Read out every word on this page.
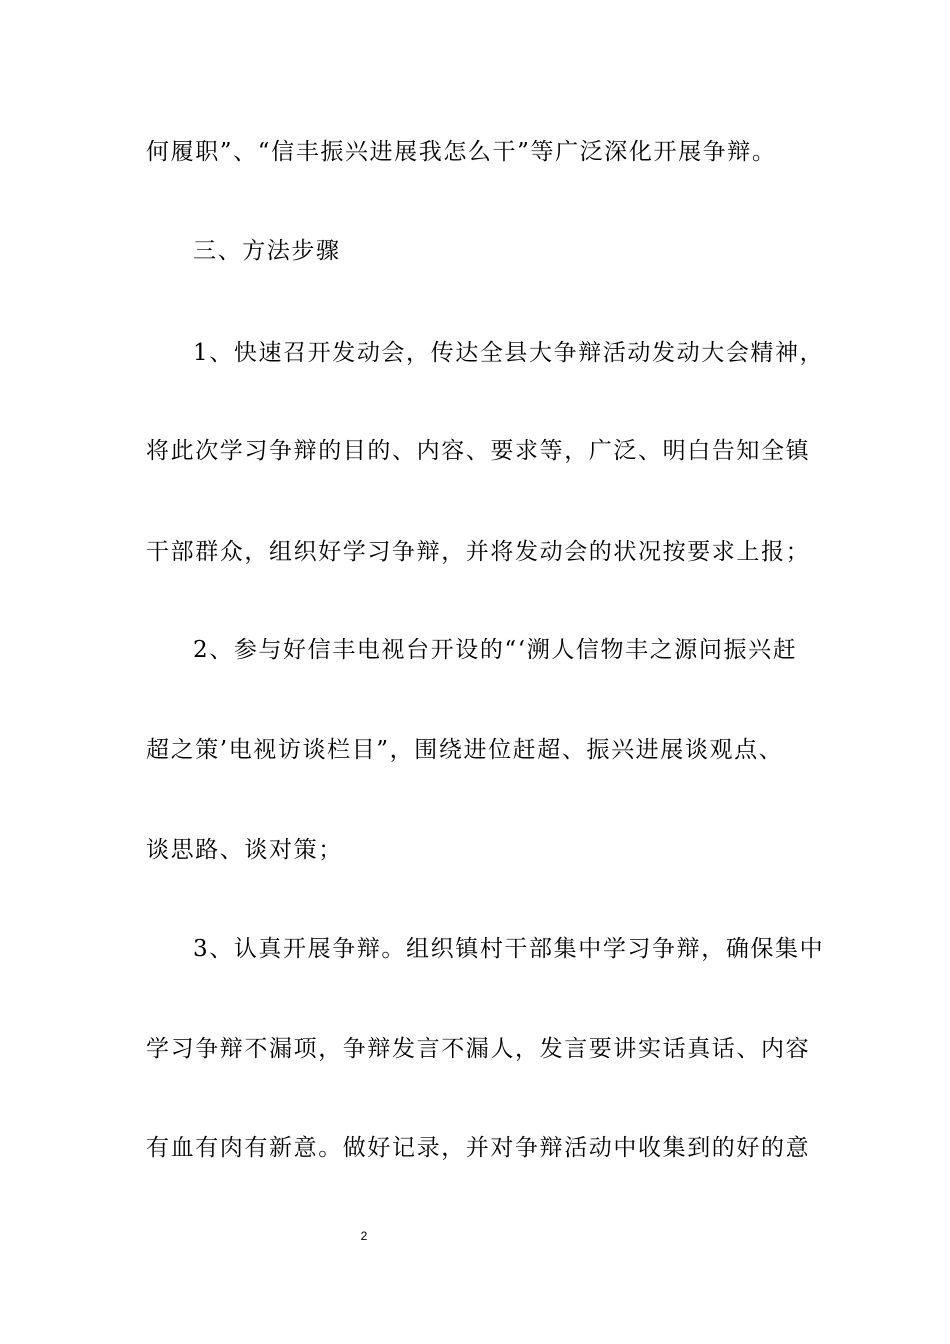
何履职”、“信丰振兴进展我怎么干”等广泛深化开展争辩。
三、方法步骤
1、快速召开发动会，传达全县大争辩活动发动大会精神，
将此次学习争辩的目的、内容、要求等，广泛、明白告知全镇
干部群众，组织好学习争辩，并将发动会的状况按要求上报；
2、参与好信丰电视台开设的“‘溯人信物丰之源问振兴赶
超之策’电视访谈栏目”，围绕进位赶超、振兴进展谈观点、
谈思路、谈对策；
3、认真开展争辩。组织镇村干部集中学习争辩，确保集中
学习争辩不漏项，争辩发言不漏人，发言要讲实话真话、内容
有血有肉有新意。做好记录，并对争辩活动中收集到的好的意
2
